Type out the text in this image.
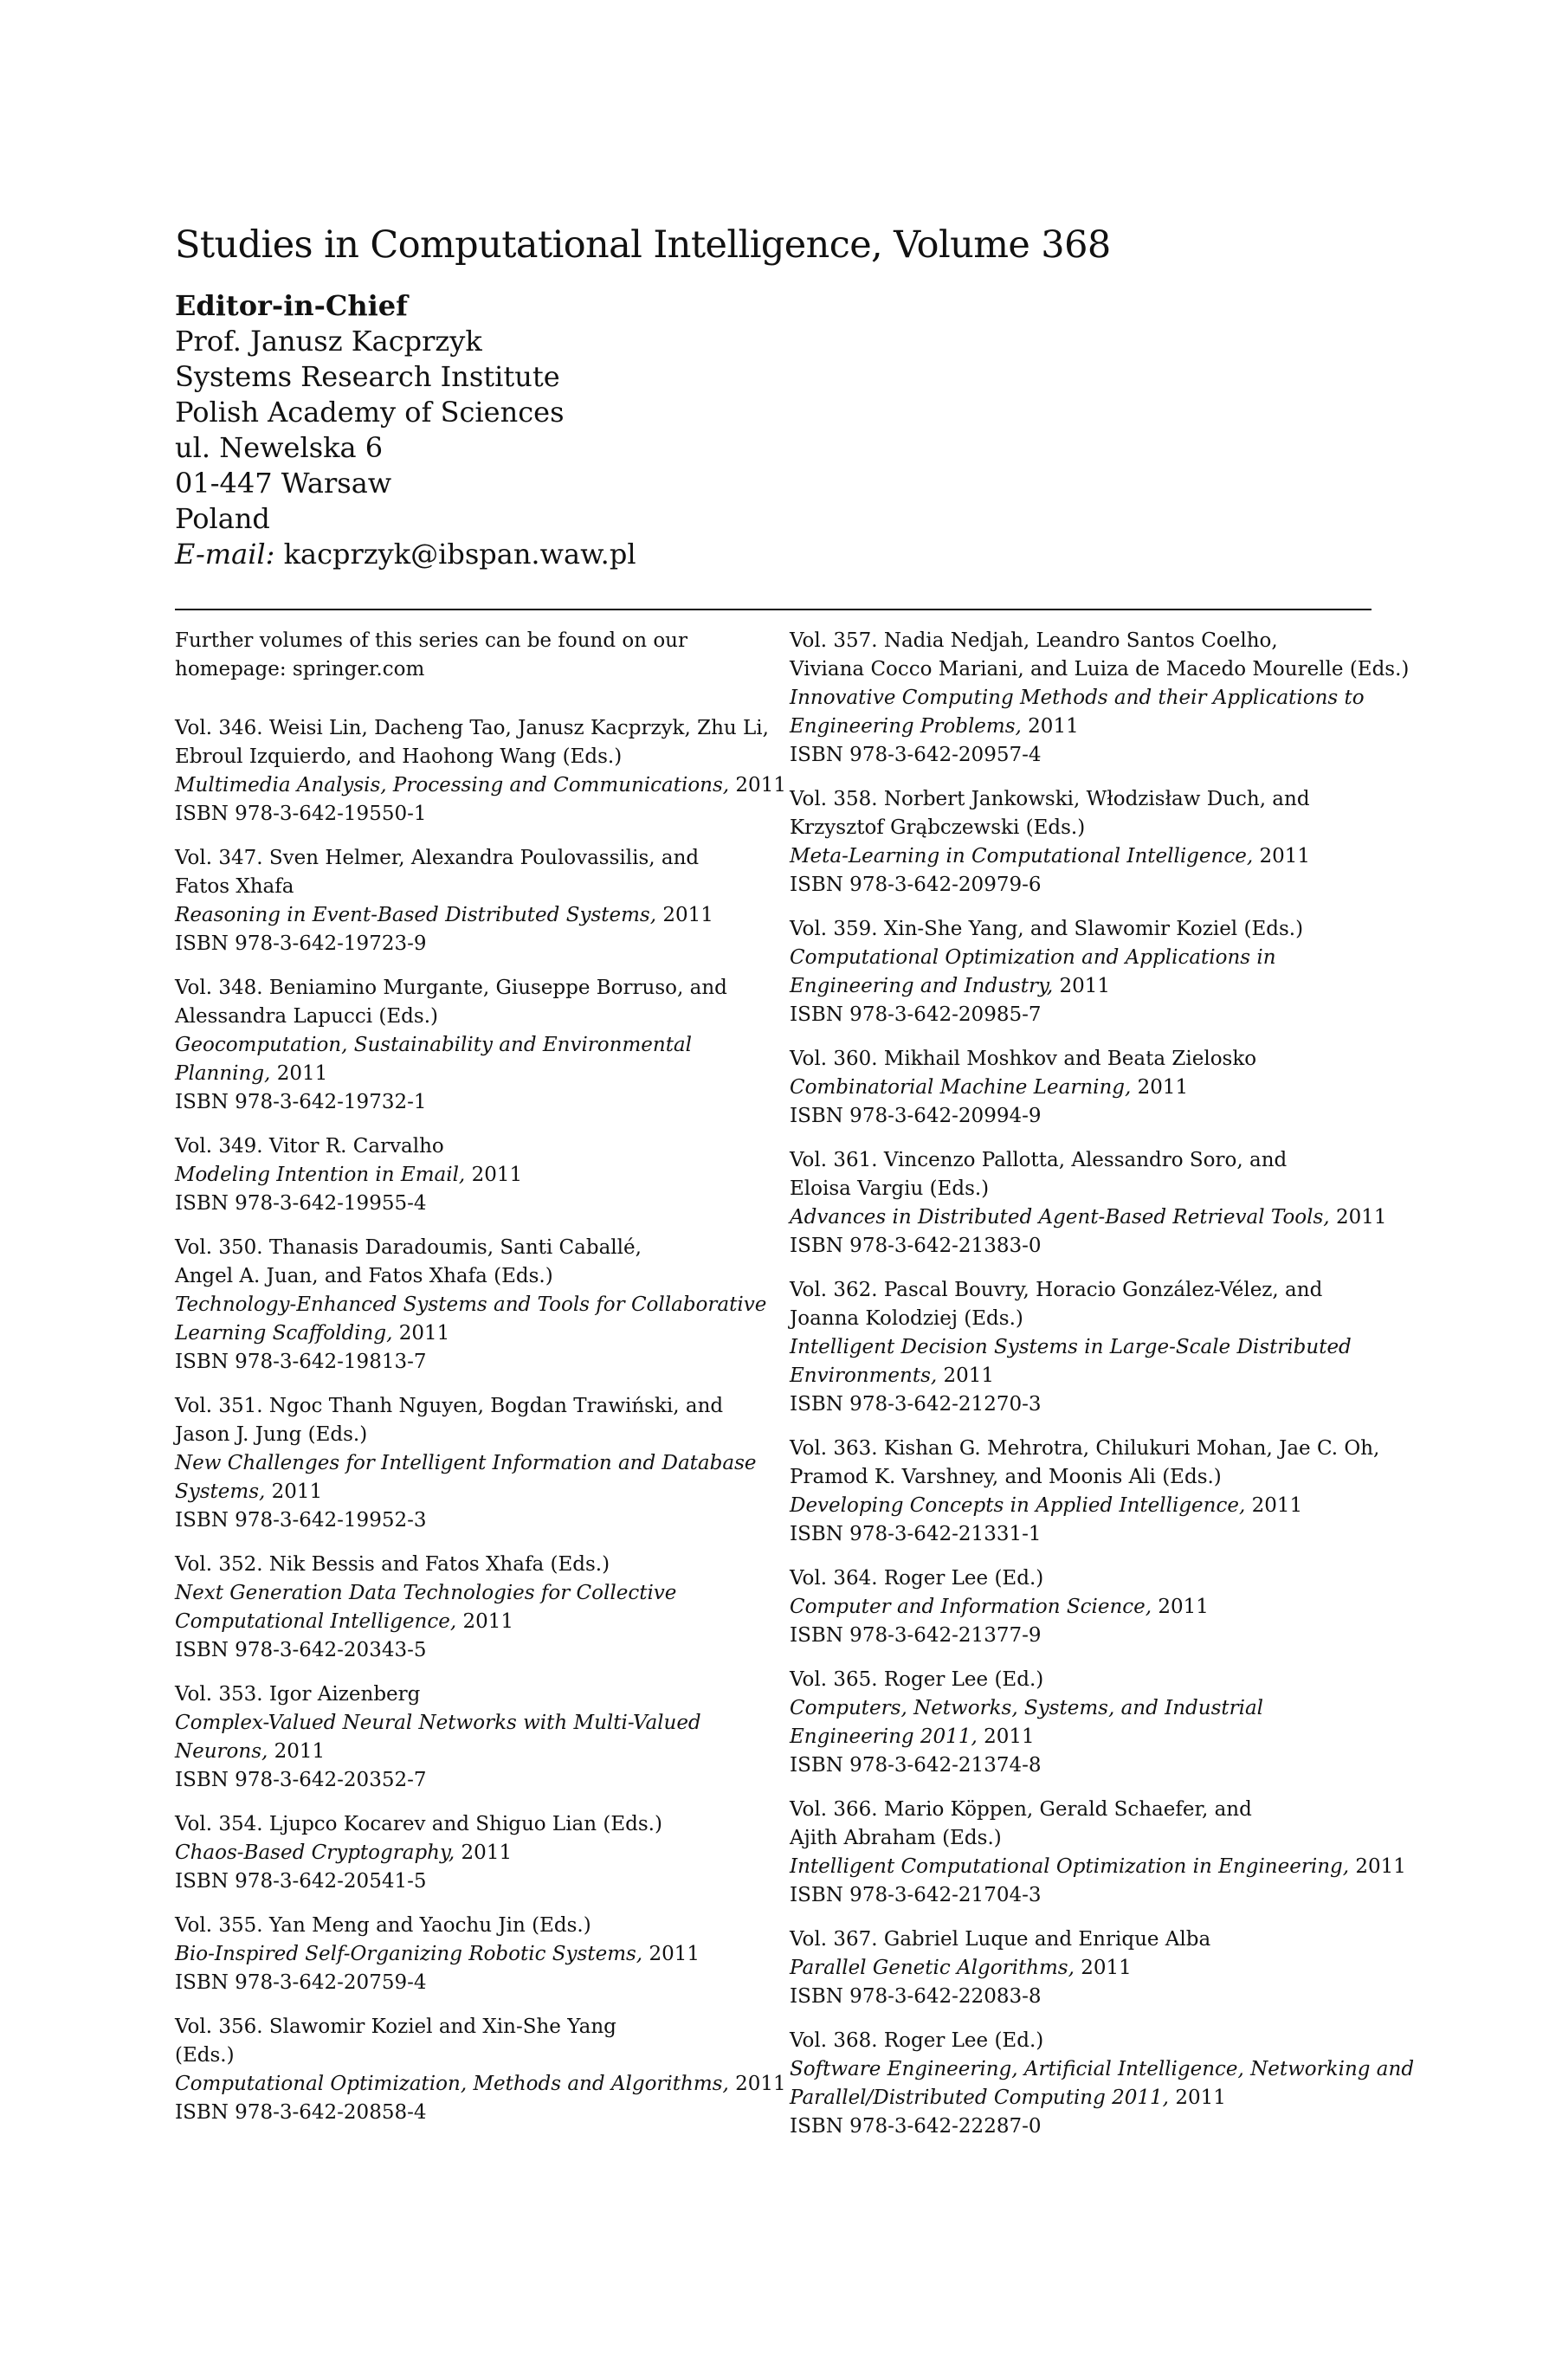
Studies in Computational Intelligence, Volume 368
Editor-in-Chief
Prof. Janusz Kacprzyk
Systems Research Institute
Polish Academy of Sciences
ul. Newelska 6
01-447 Warsaw
Poland
E-mail: kacprzyk@ibspan.waw.pl
Further volumes of this series can be found on our
homepage: springer.com
Vol. 346. Weisi Lin, Dacheng Tao, Janusz Kacprzyk, Zhu Li,
Ebroul Izquierdo, and Haohong Wang (Eds.)
Multimedia Analysis, Processing and Communications, 2011
ISBN 978-3-642-19550-1
Vol. 347. Sven Helmer, Alexandra Poulovassilis, and
Fatos Xhafa
Reasoning in Event-Based Distributed Systems, 2011
ISBN 978-3-642-19723-9
Vol. 348. Beniamino Murgante, Giuseppe Borruso, and
Alessandra Lapucci (Eds.)
Geocomputation, Sustainability and Environmental
Planning, 2011
ISBN 978-3-642-19732-1
Vol. 349. Vitor R. Carvalho
Modeling Intention in Email, 2011
ISBN 978-3-642-19955-4
Vol. 350. Thanasis Daradoumis, Santi Caballé,
Angel A. Juan, and Fatos Xhafa (Eds.)
Technology-Enhanced Systems and Tools for Collaborative
Learning Scaffolding, 2011
ISBN 978-3-642-19813-7
Vol. 351. Ngoc Thanh Nguyen, Bogdan Trawiński, and
Jason J. Jung (Eds.)
New Challenges for Intelligent Information and Database
Systems, 2011
ISBN 978-3-642-19952-3
Vol. 352. Nik Bessis and Fatos Xhafa (Eds.)
Next Generation Data Technologies for Collective
Computational Intelligence, 2011
ISBN 978-3-642-20343-5
Vol. 353. Igor Aizenberg
Complex-Valued Neural Networks with Multi-Valued
Neurons, 2011
ISBN 978-3-642-20352-7
Vol. 354. Ljupco Kocarev and Shiguo Lian (Eds.)
Chaos-Based Cryptography, 2011
ISBN 978-3-642-20541-5
Vol. 355. Yan Meng and Yaochu Jin (Eds.)
Bio-Inspired Self-Organizing Robotic Systems, 2011
ISBN 978-3-642-20759-4
Vol. 356. Slawomir Koziel and Xin-She Yang
(Eds.)
Computational Optimization, Methods and Algorithms, 2011
ISBN 978-3-642-20858-4
Vol. 357. Nadia Nedjah, Leandro Santos Coelho,
Viviana Cocco Mariani, and Luiza de Macedo Mourelle (Eds.)
Innovative Computing Methods and their Applications to
Engineering Problems, 2011
ISBN 978-3-642-20957-4
Vol. 358. Norbert Jankowski, Włodzisław Duch, and
Krzysztof Grąbczewski (Eds.)
Meta-Learning in Computational Intelligence, 2011
ISBN 978-3-642-20979-6
Vol. 359. Xin-She Yang, and Slawomir Koziel (Eds.)
Computational Optimization and Applications in
Engineering and Industry, 2011
ISBN 978-3-642-20985-7
Vol. 360. Mikhail Moshkov and Beata Zielosko
Combinatorial Machine Learning, 2011
ISBN 978-3-642-20994-9
Vol. 361. Vincenzo Pallotta, Alessandro Soro, and
Eloisa Vargiu (Eds.)
Advances in Distributed Agent-Based Retrieval Tools, 2011
ISBN 978-3-642-21383-0
Vol. 362. Pascal Bouvry, Horacio González-Vélez, and
Joanna Kolodziej (Eds.)
Intelligent Decision Systems in Large-Scale Distributed
Environments, 2011
ISBN 978-3-642-21270-3
Vol. 363. Kishan G. Mehrotra, Chilukuri Mohan, Jae C. Oh,
Pramod K. Varshney, and Moonis Ali (Eds.)
Developing Concepts in Applied Intelligence, 2011
ISBN 978-3-642-21331-1
Vol. 364. Roger Lee (Ed.)
Computer and Information Science, 2011
ISBN 978-3-642-21377-9
Vol. 365. Roger Lee (Ed.)
Computers, Networks, Systems, and Industrial
Engineering 2011, 2011
ISBN 978-3-642-21374-8
Vol. 366. Mario Köppen, Gerald Schaefer, and
Ajith Abraham (Eds.)
Intelligent Computational Optimization in Engineering, 2011
ISBN 978-3-642-21704-3
Vol. 367. Gabriel Luque and Enrique Alba
Parallel Genetic Algorithms, 2011
ISBN 978-3-642-22083-8
Vol. 368. Roger Lee (Ed.)
Software Engineering, Artificial Intelligence, Networking and
Parallel/Distributed Computing 2011, 2011
ISBN 978-3-642-22287-0
